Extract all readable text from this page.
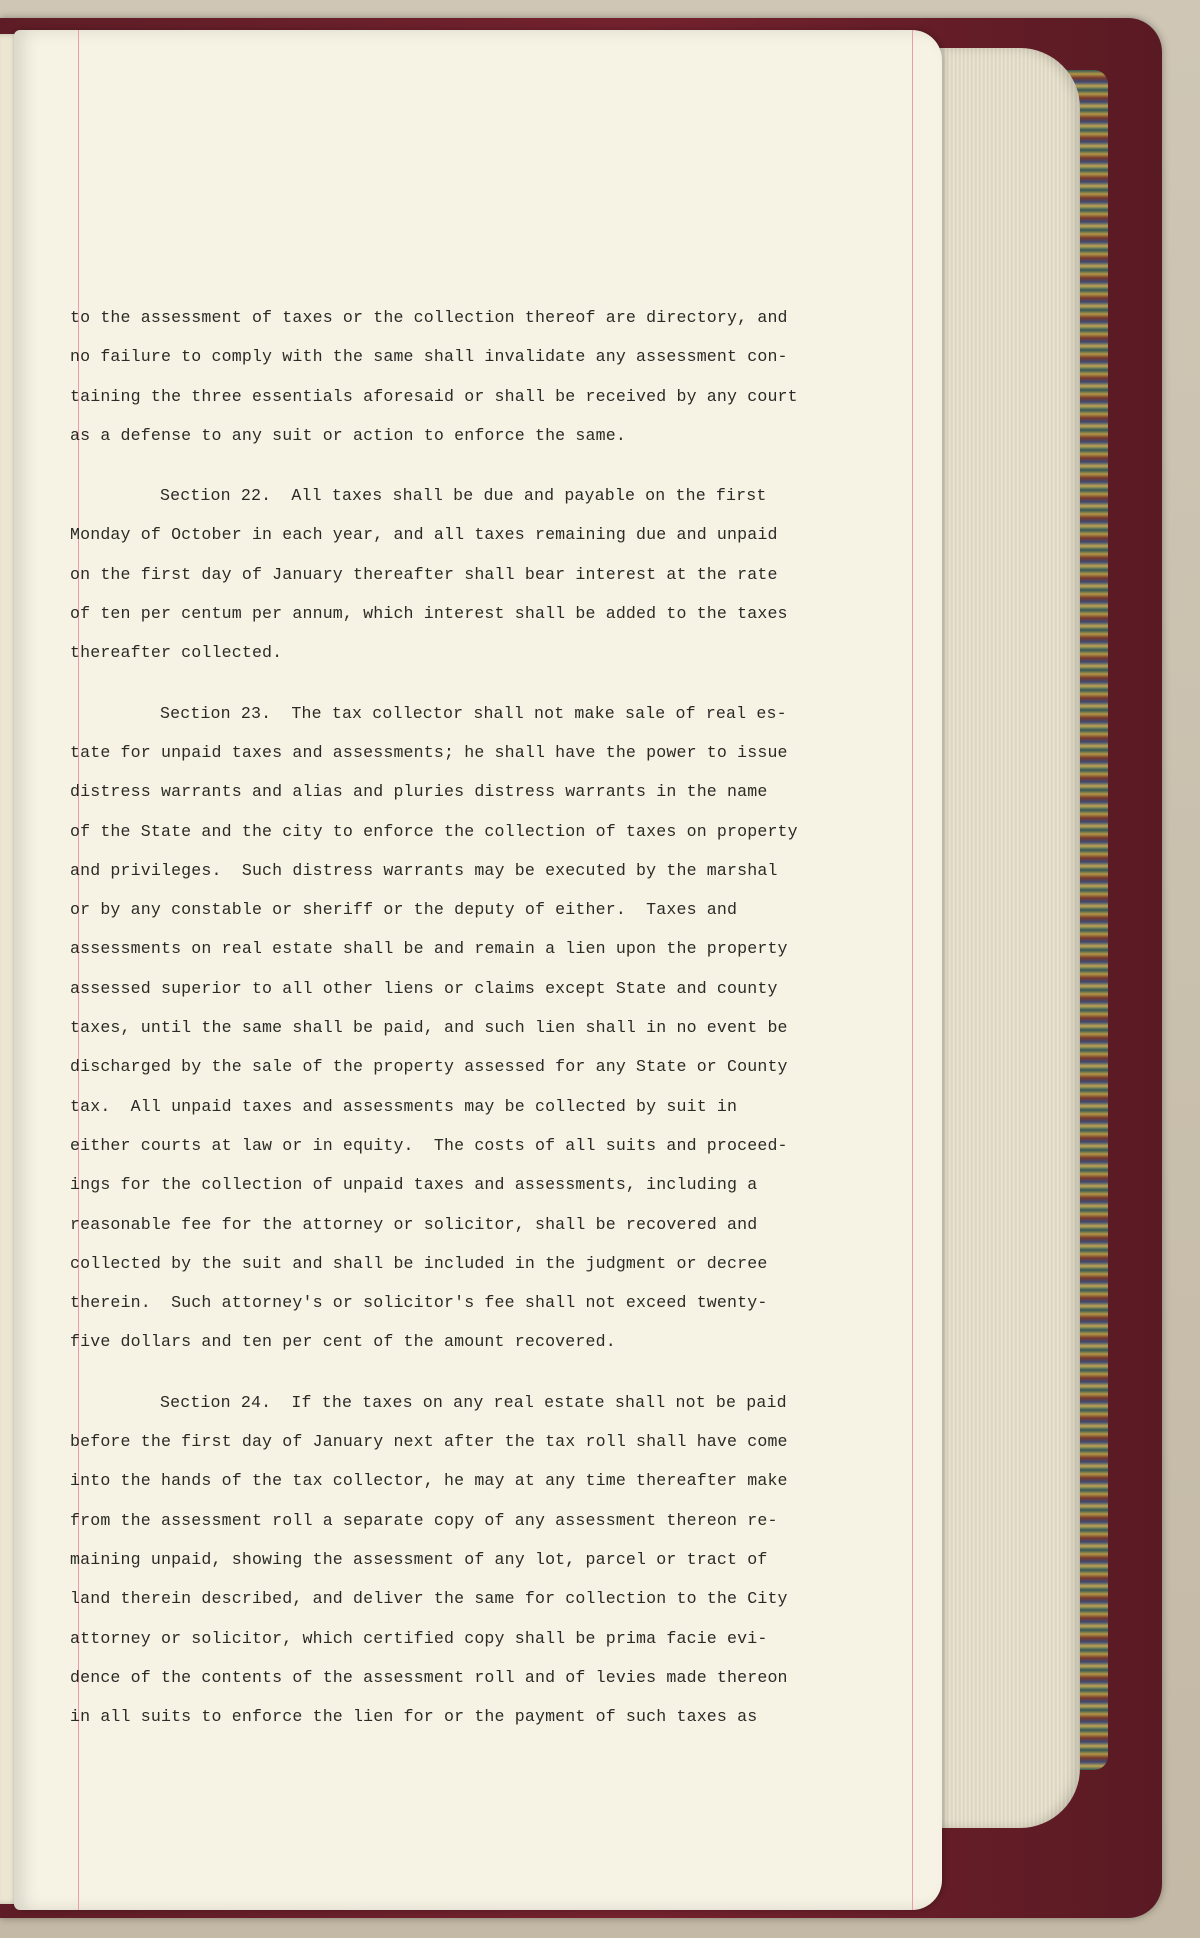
to the assessment of taxes or the collection thereof are directory, and
no failure to comply with the same shall invalidate any assessment con-
taining the three essentials aforesaid or shall be received by any court
as a defense to any suit or action to enforce the same.
Section 22.  All taxes shall be due and payable on the first
Monday of October in each year, and all taxes remaining due and unpaid
on the first day of January thereafter shall bear interest at the rate
of ten per centum per annum, which interest shall be added to the taxes
thereafter collected.
Section 23.  The tax collector shall not make sale of real es-
tate for unpaid taxes and assessments; he shall have the power to issue
distress warrants and alias and pluries distress warrants in the name
of the State and the city to enforce the collection of taxes on property
and privileges.  Such distress warrants may be executed by the marshal
or by any constable or sheriff or the deputy of either.  Taxes and
assessments on real estate shall be and remain a lien upon the property
assessed superior to all other liens or claims except State and county
taxes, until the same shall be paid, and such lien shall in no event be
discharged by the sale of the property assessed for any State or County
tax.  All unpaid taxes and assessments may be collected by suit in
either courts at law or in equity.  The costs of all suits and proceed-
ings for the collection of unpaid taxes and assessments, including a
reasonable fee for the attorney or solicitor, shall be recovered and
collected by the suit and shall be included in the judgment or decree
therein.  Such attorney's or solicitor's fee shall not exceed twenty-
five dollars and ten per cent of the amount recovered.
Section 24.  If the taxes on any real estate shall not be paid
before the first day of January next after the tax roll shall have come
into the hands of the tax collector, he may at any time thereafter make
from the assessment roll a separate copy of any assessment thereon re-
maining unpaid, showing the assessment of any lot, parcel or tract of
land therein described, and deliver the same for collection to the City
attorney or solicitor, which certified copy shall be prima facie evi-
dence of the contents of the assessment roll and of levies made thereon
in all suits to enforce the lien for or the payment of such taxes as
